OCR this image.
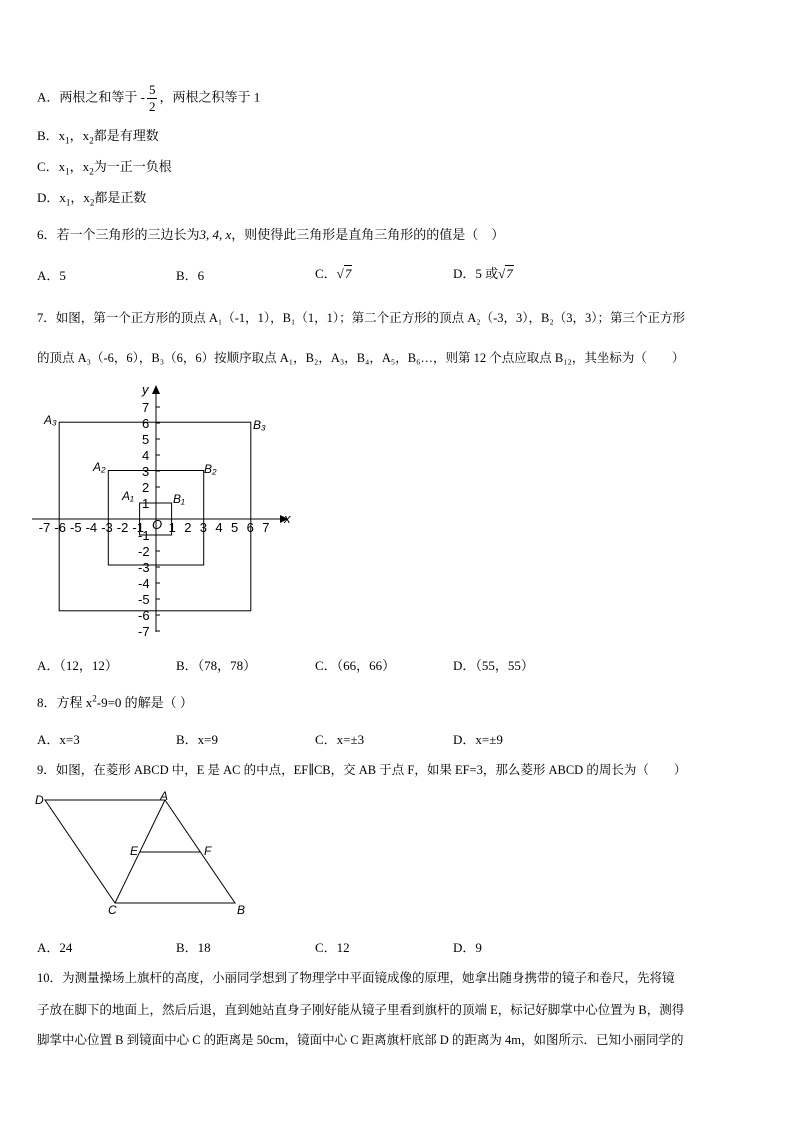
A．两根之和等于 - $\frac{5}{2}$ ，两根之积等于 1
B．$x_1$，$x_2$都是有理数
C．$x_1$，$x_2$为一正一负根
D．$x_1$，$x_2$都是正数
6．若一个三角形的三边长为3, 4, x，则使得此三角形是直角三角形的的值是（　）
A．5	B．6	C．√7	D．5 或√7
7．如图，第一个正方形的顶点 A₁（-1，1），B₁（1，1）；第二个正方形的顶点 A₂（-3，3），B₂（3，3）；第三个正方形
的顶点 A₃（-6，6），B₃（6，6）按顺序取点 A₁，B₂，A₃，B₄，A₅，B₆…，则第 12 个点应取点 B₁₂，其坐标为（　　）
-7 -6 -5 -4 -3 -2 -1 1 2 3 4 5 6 7
7
6
5
4
3
2
1
-1
-2
-3
-4
-5
-6
-7
x
y
O
A₃	B₃
A₂	B₂
A₁	B₁
A．（12，12）	B．（78，78）	C．（66，66）	D．（55，55）
8．方程 $x^2-9=0$ 的解是（ ）
A．x=3	B．x=9	C．x=±3	D．x=±9
9．如图，在菱形 ABCD 中，E 是 AC 的中点，EF∥CB，交 AB 于点 F，如果 EF=3，那么菱形 ABCD 的周长为（　　）
D	A
E	F
C	B
A．24	B．18	C．12	D．9
10．为测量操场上旗杆的高度，小丽同学想到了物理学中平面镜成像的原理，她拿出随身携带的镜子和卷尺，先将镜
子放在脚下的地面上，然后后退，直到她站直身子刚好能从镜子里看到旗杆的顶端 E，标记好脚掌中心位置为 B，测得
脚掌中心位置 B 到镜面中心 C 的距离是 50cm，镜面中心 C 距离旗杆底部 D 的距离为 4m，如图所示．已知小丽同学的
